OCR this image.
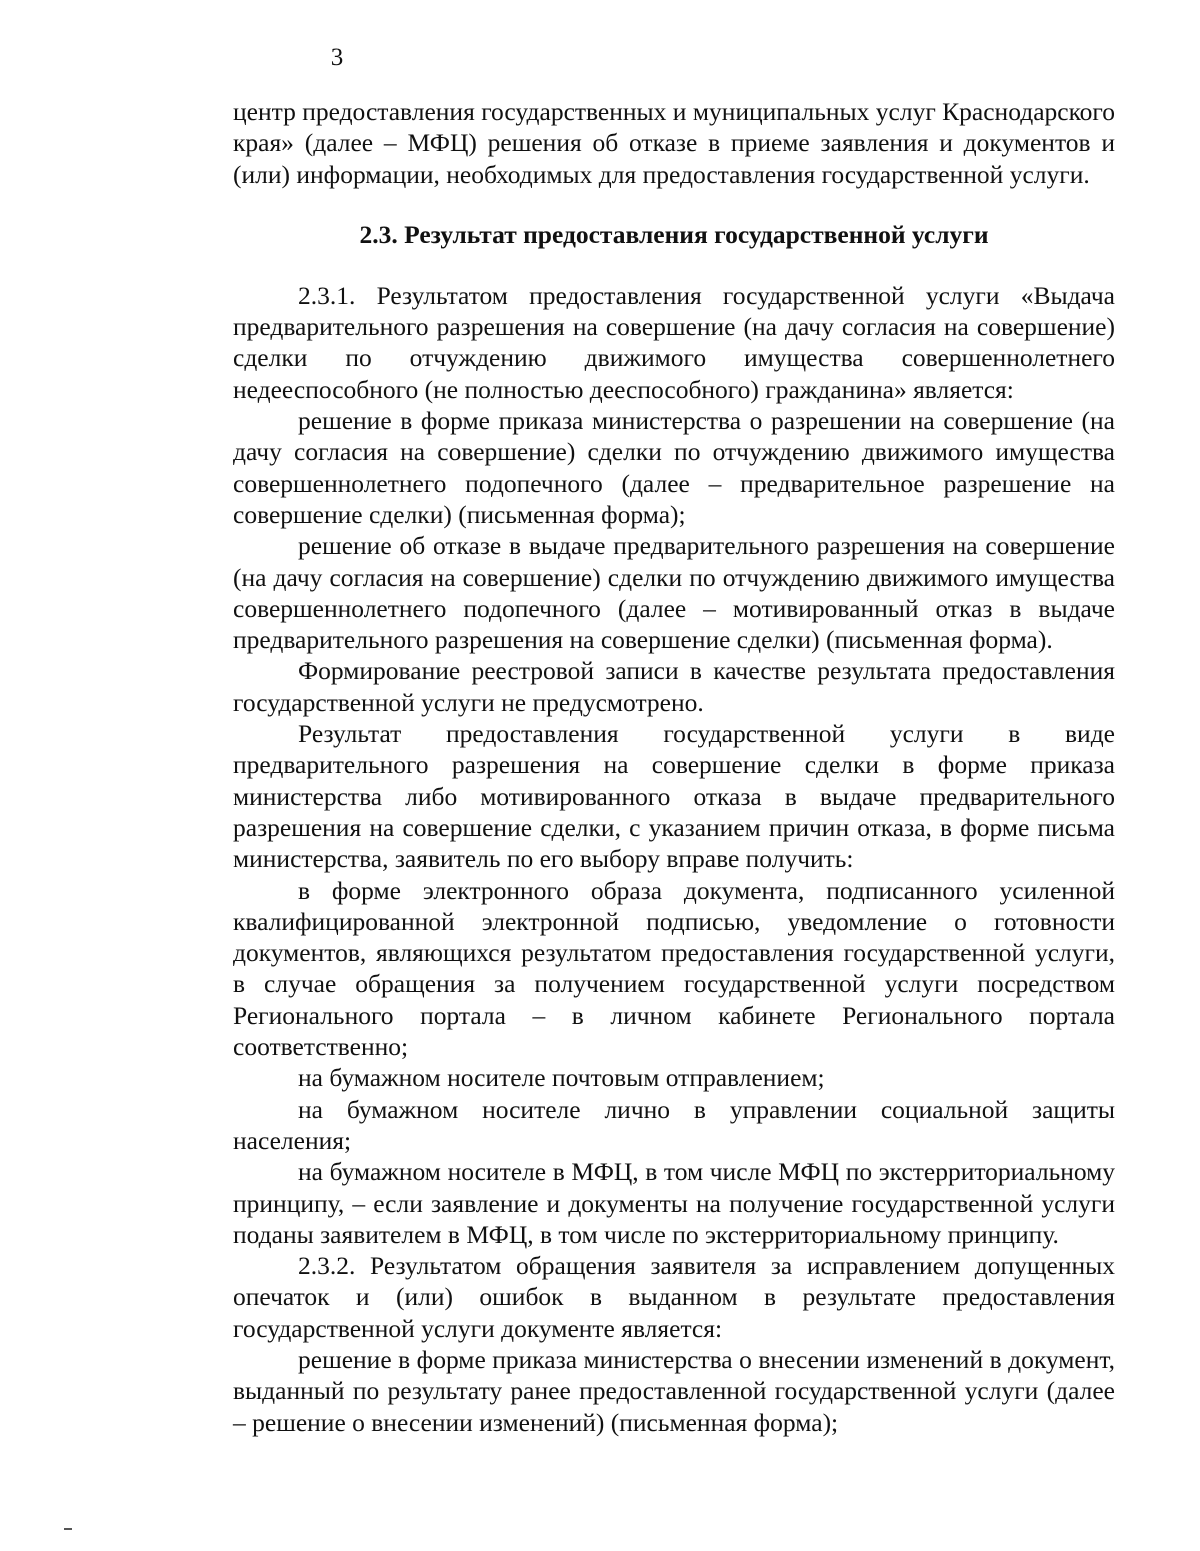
3

центр предоставления государственных и муниципальных услуг Краснодарского края» (далее – МФЦ) решения об отказе в приеме заявления и документов и (или) информации, необходимых для предоставления государственной услуги.

2.3. Результат предоставления государственной услуги

2.3.1. Результатом предоставления государственной услуги «Выдача предварительного разрешения на совершение (на дачу согласия на совершение) сделки по отчуждению движимого имущества совершеннолетнего недееспособного (не полностью дееспособного) гражданина» является:

решение в форме приказа министерства о разрешении на совершение (на дачу согласия на совершение) сделки по отчуждению движимого имущества совершеннолетнего подопечного (далее – предварительное разрешение на совершение сделки) (письменная форма);

решение об отказе в выдаче предварительного разрешения на совершение (на дачу согласия на совершение) сделки по отчуждению движимого имущества совершеннолетнего подопечного (далее – мотивированный отказ в выдаче предварительного разрешения на совершение сделки) (письменная форма).

Формирование реестровой записи в качестве результата предоставления государственной услуги не предусмотрено.

Результат предоставления государственной услуги в виде предварительного разрешения на совершение сделки в форме приказа министерства либо мотивированного отказа в выдаче предварительного разрешения на совершение сделки, с указанием причин отказа, в форме письма министерства, заявитель по его выбору вправе получить:

в форме электронного образа документа, подписанного усиленной квалифицированной электронной подписью, уведомление о готовности документов, являющихся результатом предоставления государственной услуги, в случае обращения за получением государственной услуги посредством Регионального портала – в личном кабинете Регионального портала соответственно;

на бумажном носителе почтовым отправлением;

на бумажном носителе лично в управлении социальной защиты населения;

на бумажном носителе в МФЦ, в том числе МФЦ по экстерриториальному принципу, – если заявление и документы на получение государственной услуги поданы заявителем в МФЦ, в том числе по экстерриториальному принципу.

2.3.2. Результатом обращения заявителя за исправлением допущенных опечаток и (или) ошибок в выданном в результате предоставления государственной услуги документе является:

решение в форме приказа министерства о внесении изменений в документ, выданный по результату ранее предоставленной государственной услуги (далее – решение о внесении изменений) (письменная форма);
